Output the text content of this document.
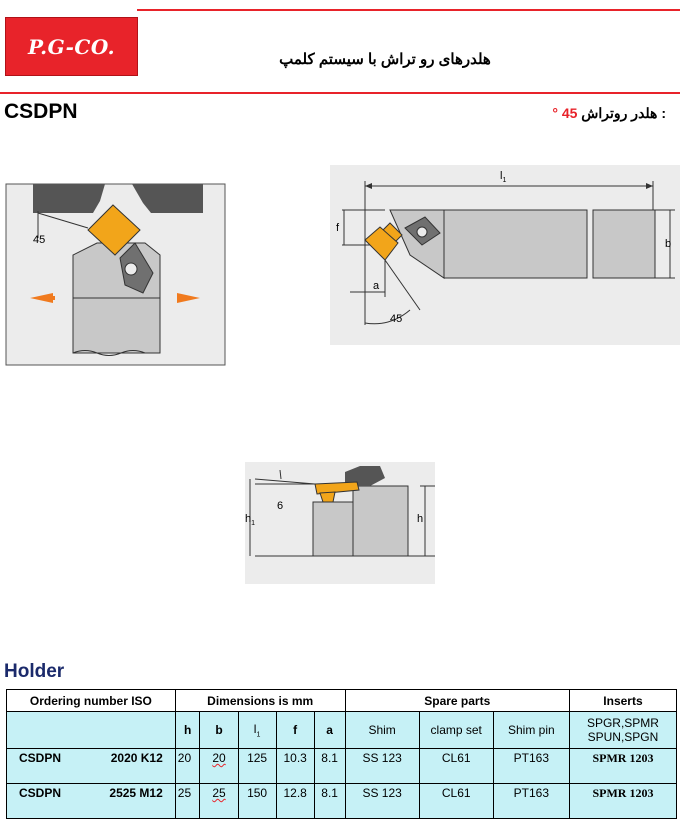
P.G-CO.
هلدرهای رو تراش با سیستم کلمپ
CSDPN	: هلدر روتراش 45 °
45
$l_1$
f
b
a
45
$h_1$	h
6
Holder
Ordering number ISO	Dimensions is mm					Spare parts			Inserts
	h	b	$l_1$	f	a	Shim	clamp set	Shim pin	SPGR,SPMR SPUN,SPGN
CSDPN 2020 K12	20	20	125	10.3	8.1	SS 123	CL61	PT163	SPMR 1203
CSDPN 2525 M12	25	25	150	12.8	8.1	SS 123	CL61	PT163	SPMR 1203
